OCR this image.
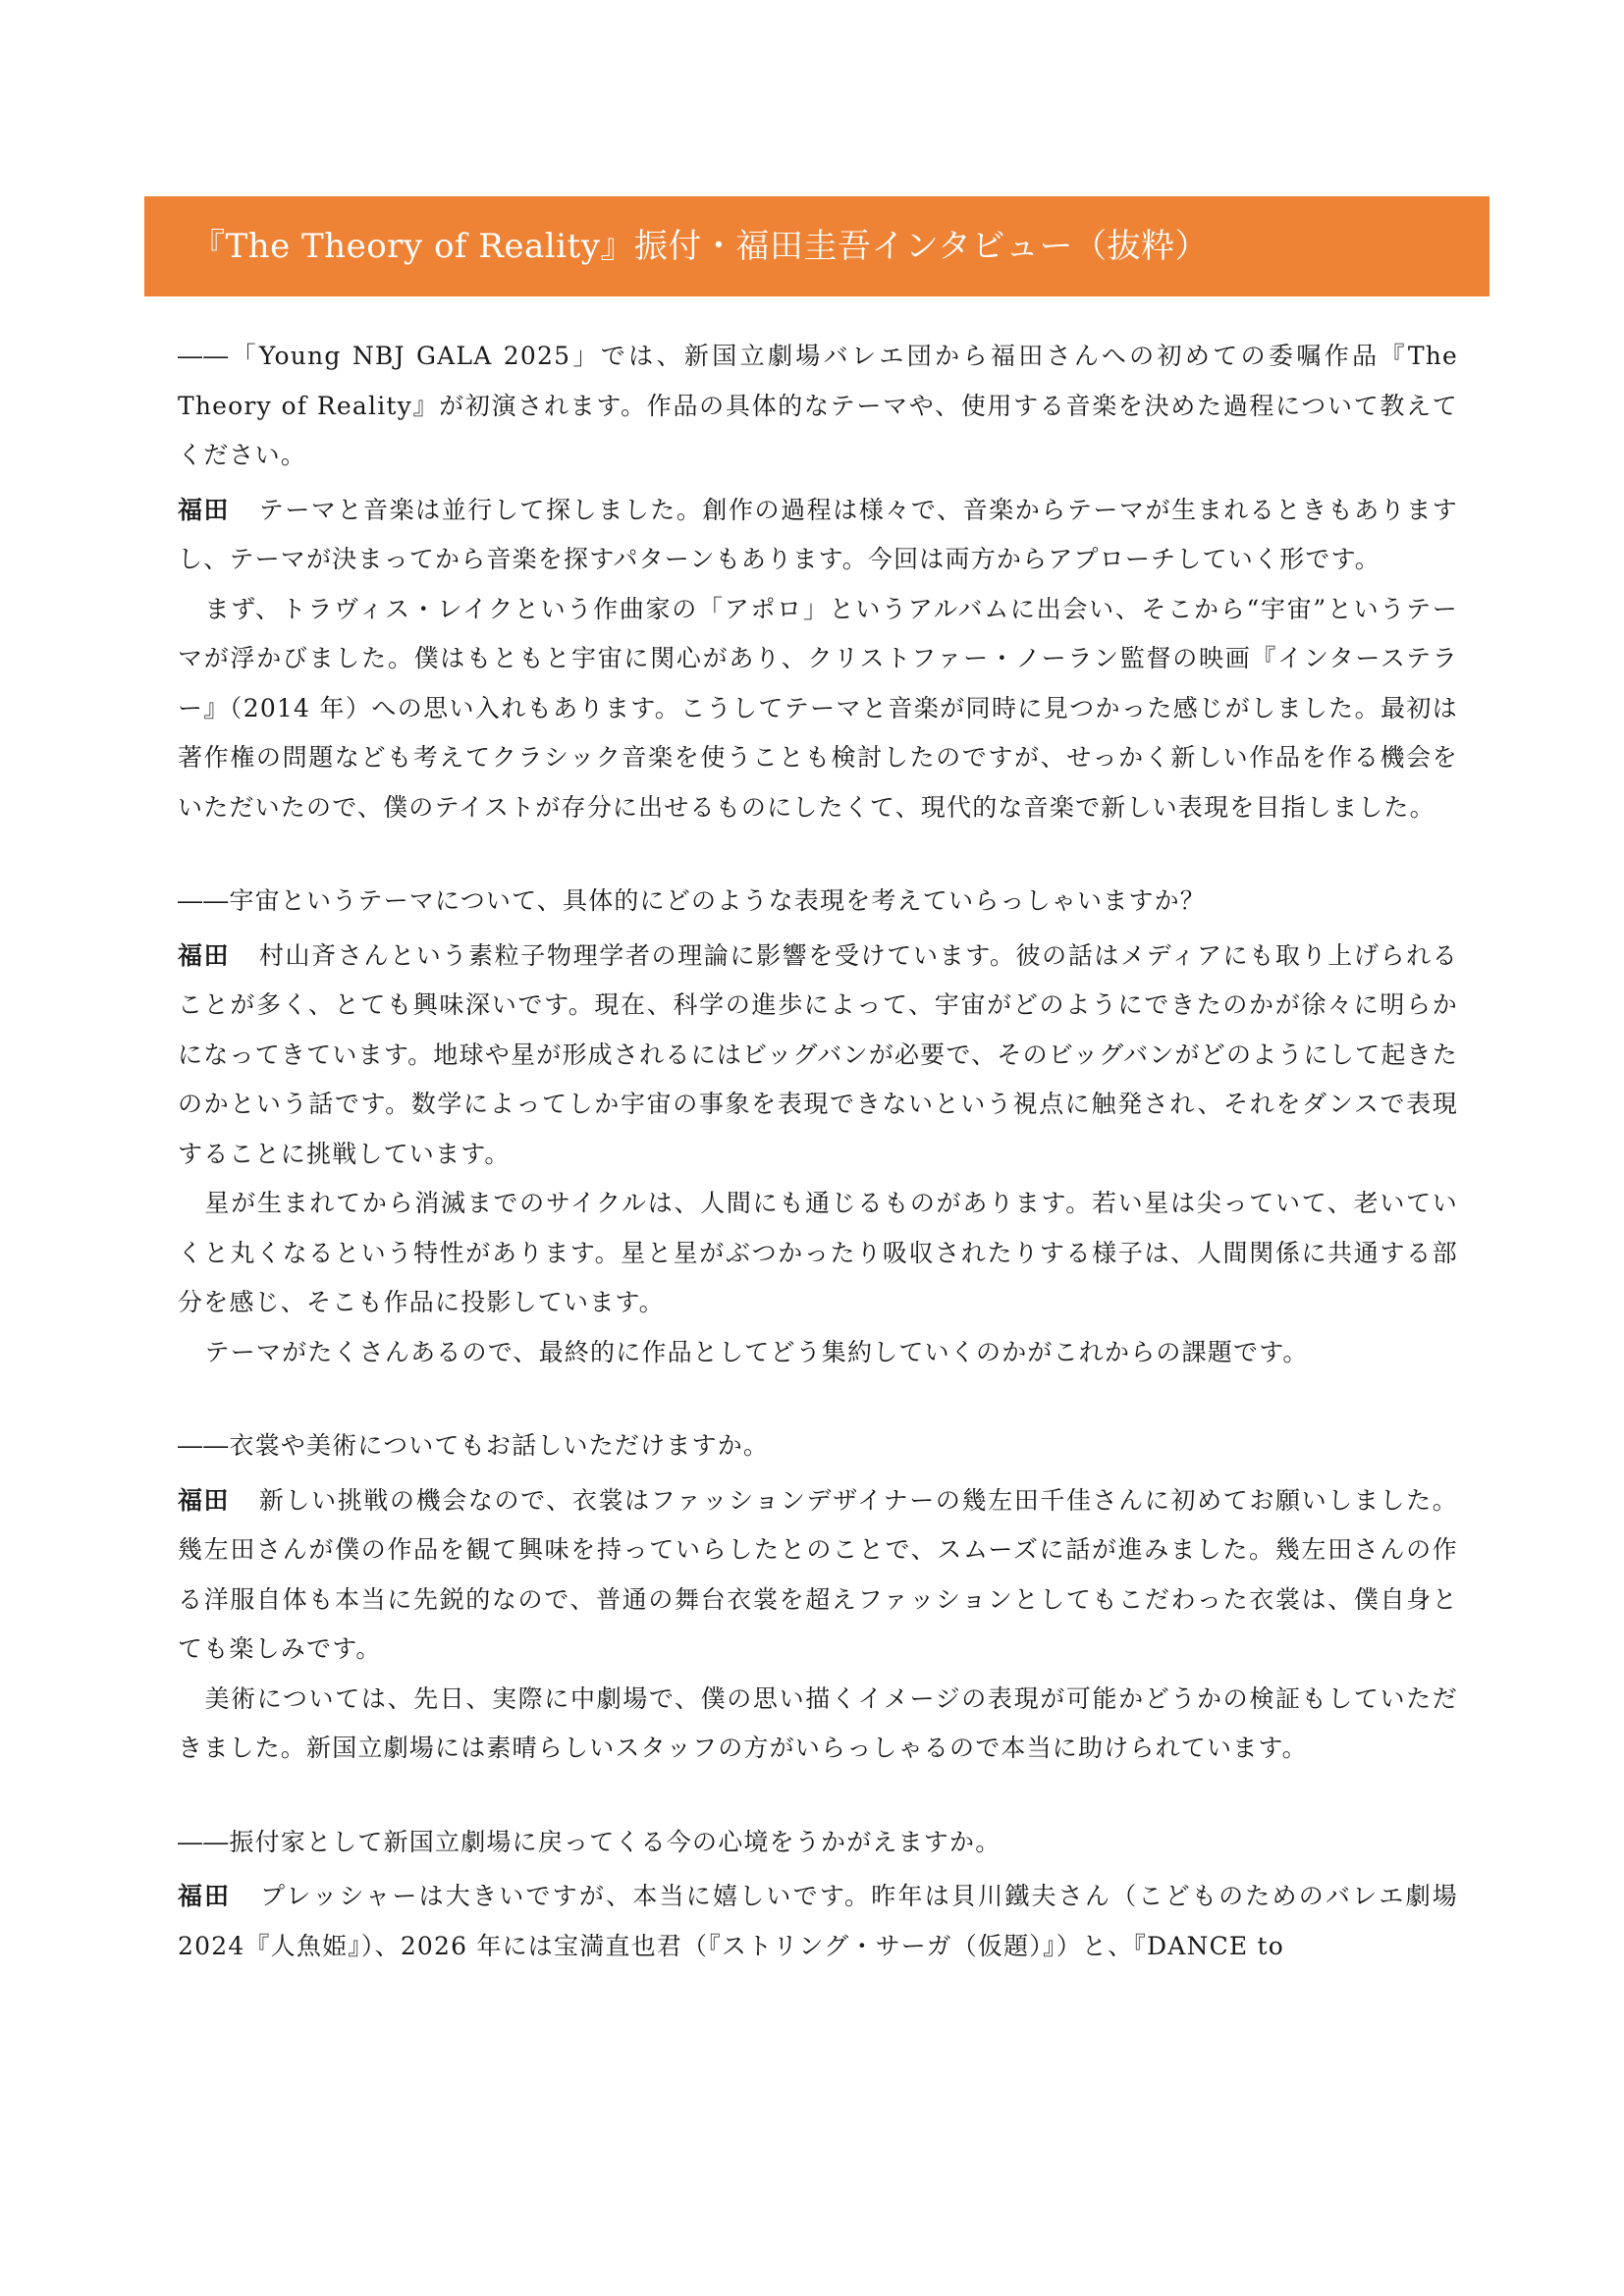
『The Theory of Reality』振付・福田圭吾インタビュー（抜粋）

――「Young NBJ GALA 2025」では、新国立劇場バレエ団から福田さんへの初めての委嘱作品『The Theory of Reality』が初演されます。作品の具体的なテーマや、使用する音楽を決めた過程について教えてください。

福田 テーマと音楽は並行して探しました。創作の過程は様々で、音楽からテーマが生まれるときもありますし、テーマが決まってから音楽を探すパターンもあります。今回は両方からアプローチしていく形です。

まず、トラヴィス・レイクという作曲家の「アポロ」というアルバムに出会い、そこから“宇宙”というテーマが浮かびました。僕はもともと宇宙に関心があり、クリストファー・ノーラン監督の映画『インターステラー』（2014 年）への思い入れもあります。こうしてテーマと音楽が同時に見つかった感じがしました。最初は著作権の問題なども考えてクラシック音楽を使うことも検討したのですが、せっかく新しい作品を作る機会をいただいたので、僕のテイストが存分に出せるものにしたくて、現代的な音楽で新しい表現を目指しました。

――宇宙というテーマについて、具体的にどのような表現を考えていらっしゃいますか？

福田 村山斉さんという素粒子物理学者の理論に影響を受けています。彼の話はメディアにも取り上げられることが多く、とても興味深いです。現在、科学の進歩によって、宇宙がどのようにできたのかが徐々に明らかになってきています。地球や星が形成されるにはビッグバンが必要で、そのビッグバンがどのようにして起きたのかという話です。数学によってしか宇宙の事象を表現できないという視点に触発され、それをダンスで表現することに挑戦しています。

星が生まれてから消滅までのサイクルは、人間にも通じるものがあります。若い星は尖っていて、老いていくと丸くなるという特性があります。星と星がぶつかったり吸収されたりする様子は、人間関係に共通する部分を感じ、そこも作品に投影しています。

テーマがたくさんあるので、最終的に作品としてどう集約していくのかがこれからの課題です。

――衣裳や美術についてもお話しいただけますか。

福田 新しい挑戦の機会なので、衣裳はファッションデザイナーの幾左田千佳さんに初めてお願いしました。幾左田さんが僕の作品を観て興味を持っていらしたとのことで、スムーズに話が進みました。幾左田さんの作る洋服自体も本当に先鋭的なので、普通の舞台衣裳を超えファッションとしてもこだわった衣裳は、僕自身とても楽しみです。

美術については、先日、実際に中劇場で、僕の思い描くイメージの表現が可能かどうかの検証もしていただきました。新国立劇場には素晴らしいスタッフの方がいらっしゃるので本当に助けられています。

――振付家として新国立劇場に戻ってくる今の心境をうかがえますか。

福田 プレッシャーは大きいですが、本当に嬉しいです。昨年は貝川鐵夫さん（こどものためのバレエ劇場 2024『人魚姫』）、2026 年には宝満直也君（『ストリング・サーガ（仮題）』）と、『DANCE to
